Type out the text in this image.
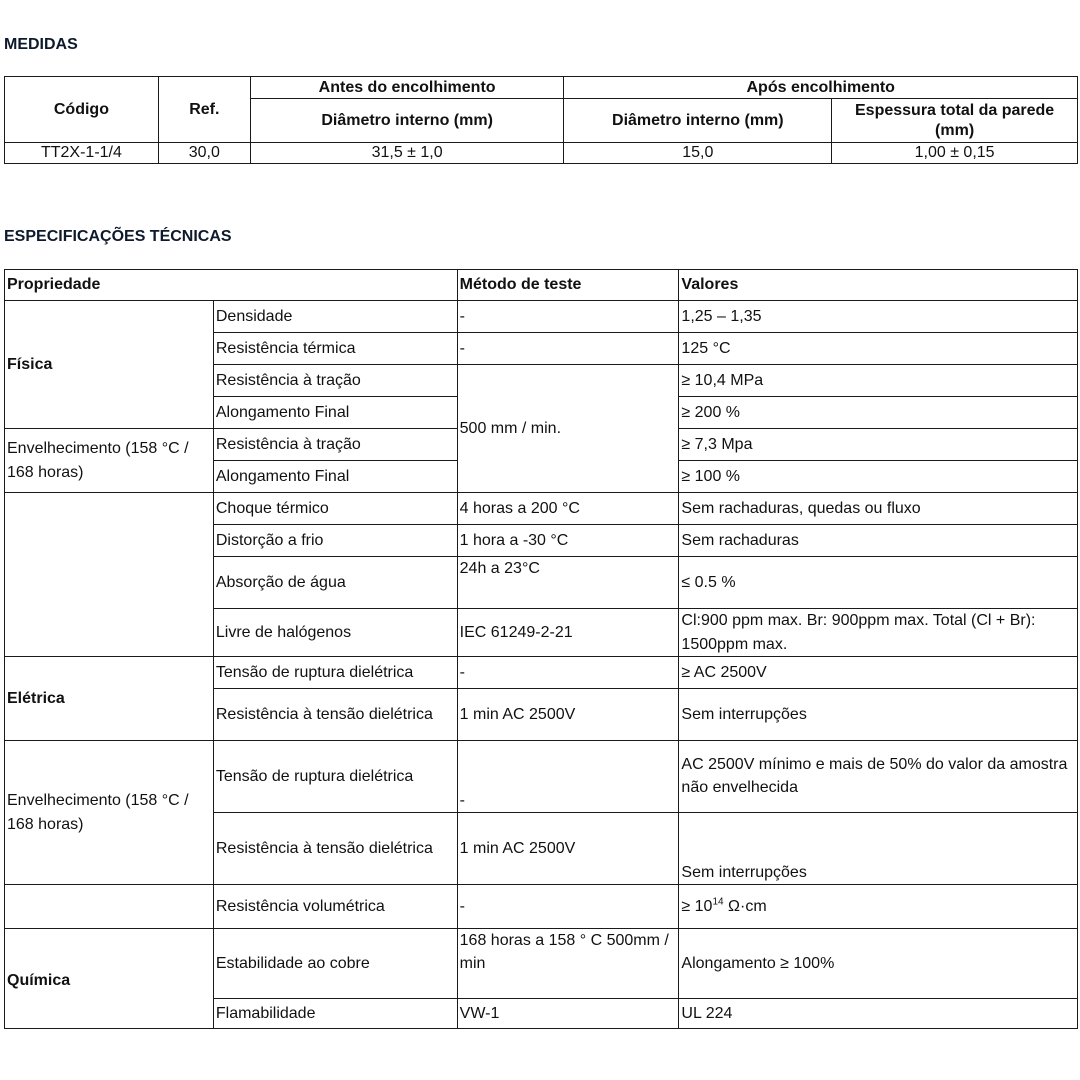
MEDIDAS
Código	Ref.	Antes do encolhimento	Após encolhimento	
		Diâmetro interno (mm)	Diâmetro interno (mm)	Espessura total da parede (mm)
TT2X-1-1/4	30,0	31,5 ± 1,0	15,0	1,00 ± 0,15
ESPECIFICAÇÕES TÉCNICAS
Propriedade		Método de teste	Valores
Física	Densidade	-	1,25 – 1,35
	Resistência térmica	-	125 °C
	Resistência à tração	500 mm / min.	≥ 10,4 MPa
	Alongamento Final		≥ 200 %
Envelhecimento (158 °C / 168 horas)	Resistência à tração		≥ 7,3 Mpa
	Alongamento Final		≥ 100 %
	Choque térmico	4 horas a 200 °C	Sem rachaduras, quedas ou fluxo
	Distorção a frio	1 hora a -30 °C	Sem rachaduras
	Absorção de água	24h a 23°C	≤ 0.5 %
	Livre de halógenos	IEC 61249-2-21	Cl:900 ppm max. Br: 900ppm max. Total (Cl + Br): 1500ppm max.
Elétrica	Tensão de ruptura dielétrica	-	≥ AC 2500V
	Resistência à tensão dielétrica	1 min AC 2500V	Sem interrupções
Envelhecimento (158 °C / 168 horas)	Tensão de ruptura dielétrica	-	AC 2500V mínimo e mais de 50% do valor da amostra não envelhecida
	Resistência à tensão dielétrica	1 min AC 2500V	Sem interrupções
	Resistência volumétrica	-	≥ $10^{14}$ Ω·cm
Química	Estabilidade ao cobre	168 horas a 158 ° C 500mm / min	Alongamento ≥ 100%
	Flamabilidade	VW-1	UL 224
